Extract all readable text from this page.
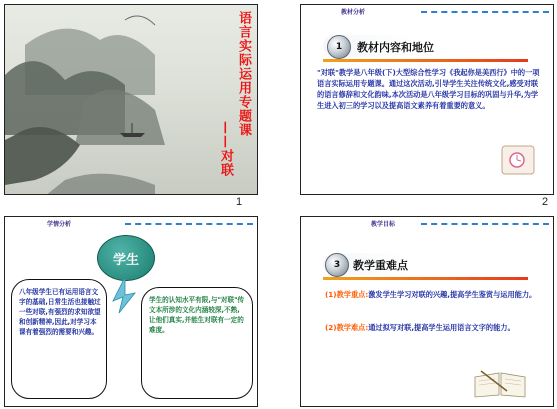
语言实际运用专题课
——对联
1
教材分析
1	教材内容和地位
"对联"教学是八年级(下)大型综合性学习《我起你是美西行》中的一项语言实际运用专题课。通过这次活动,引导学生关注传统文化,感受对联的语言修辞和文化韵味,本次活动是八年级学习目标的巩固与升华,为学生进入初三的学习以及提高语文素养有着重要的意义。
2
学情分析
学生
八年级学生已有运用语言文字的基础,日常生活也接触过一些对联,有强烈的求知欲望和创新精神,因此,对学习本课有着强烈的需要和兴趣。
学生的认知水平有限,与"对联"传文本所涉的文化内涵较深,不熟,让他们真实,并能生对联有一定的难度。
教学目标
3	教学重难点
(1)教学重点:激发学生学习对联的兴趣,提高学生鉴赏与运用能力。
(2)教学难点:通过拟写对联,提高学生运用语言文字的能力。
